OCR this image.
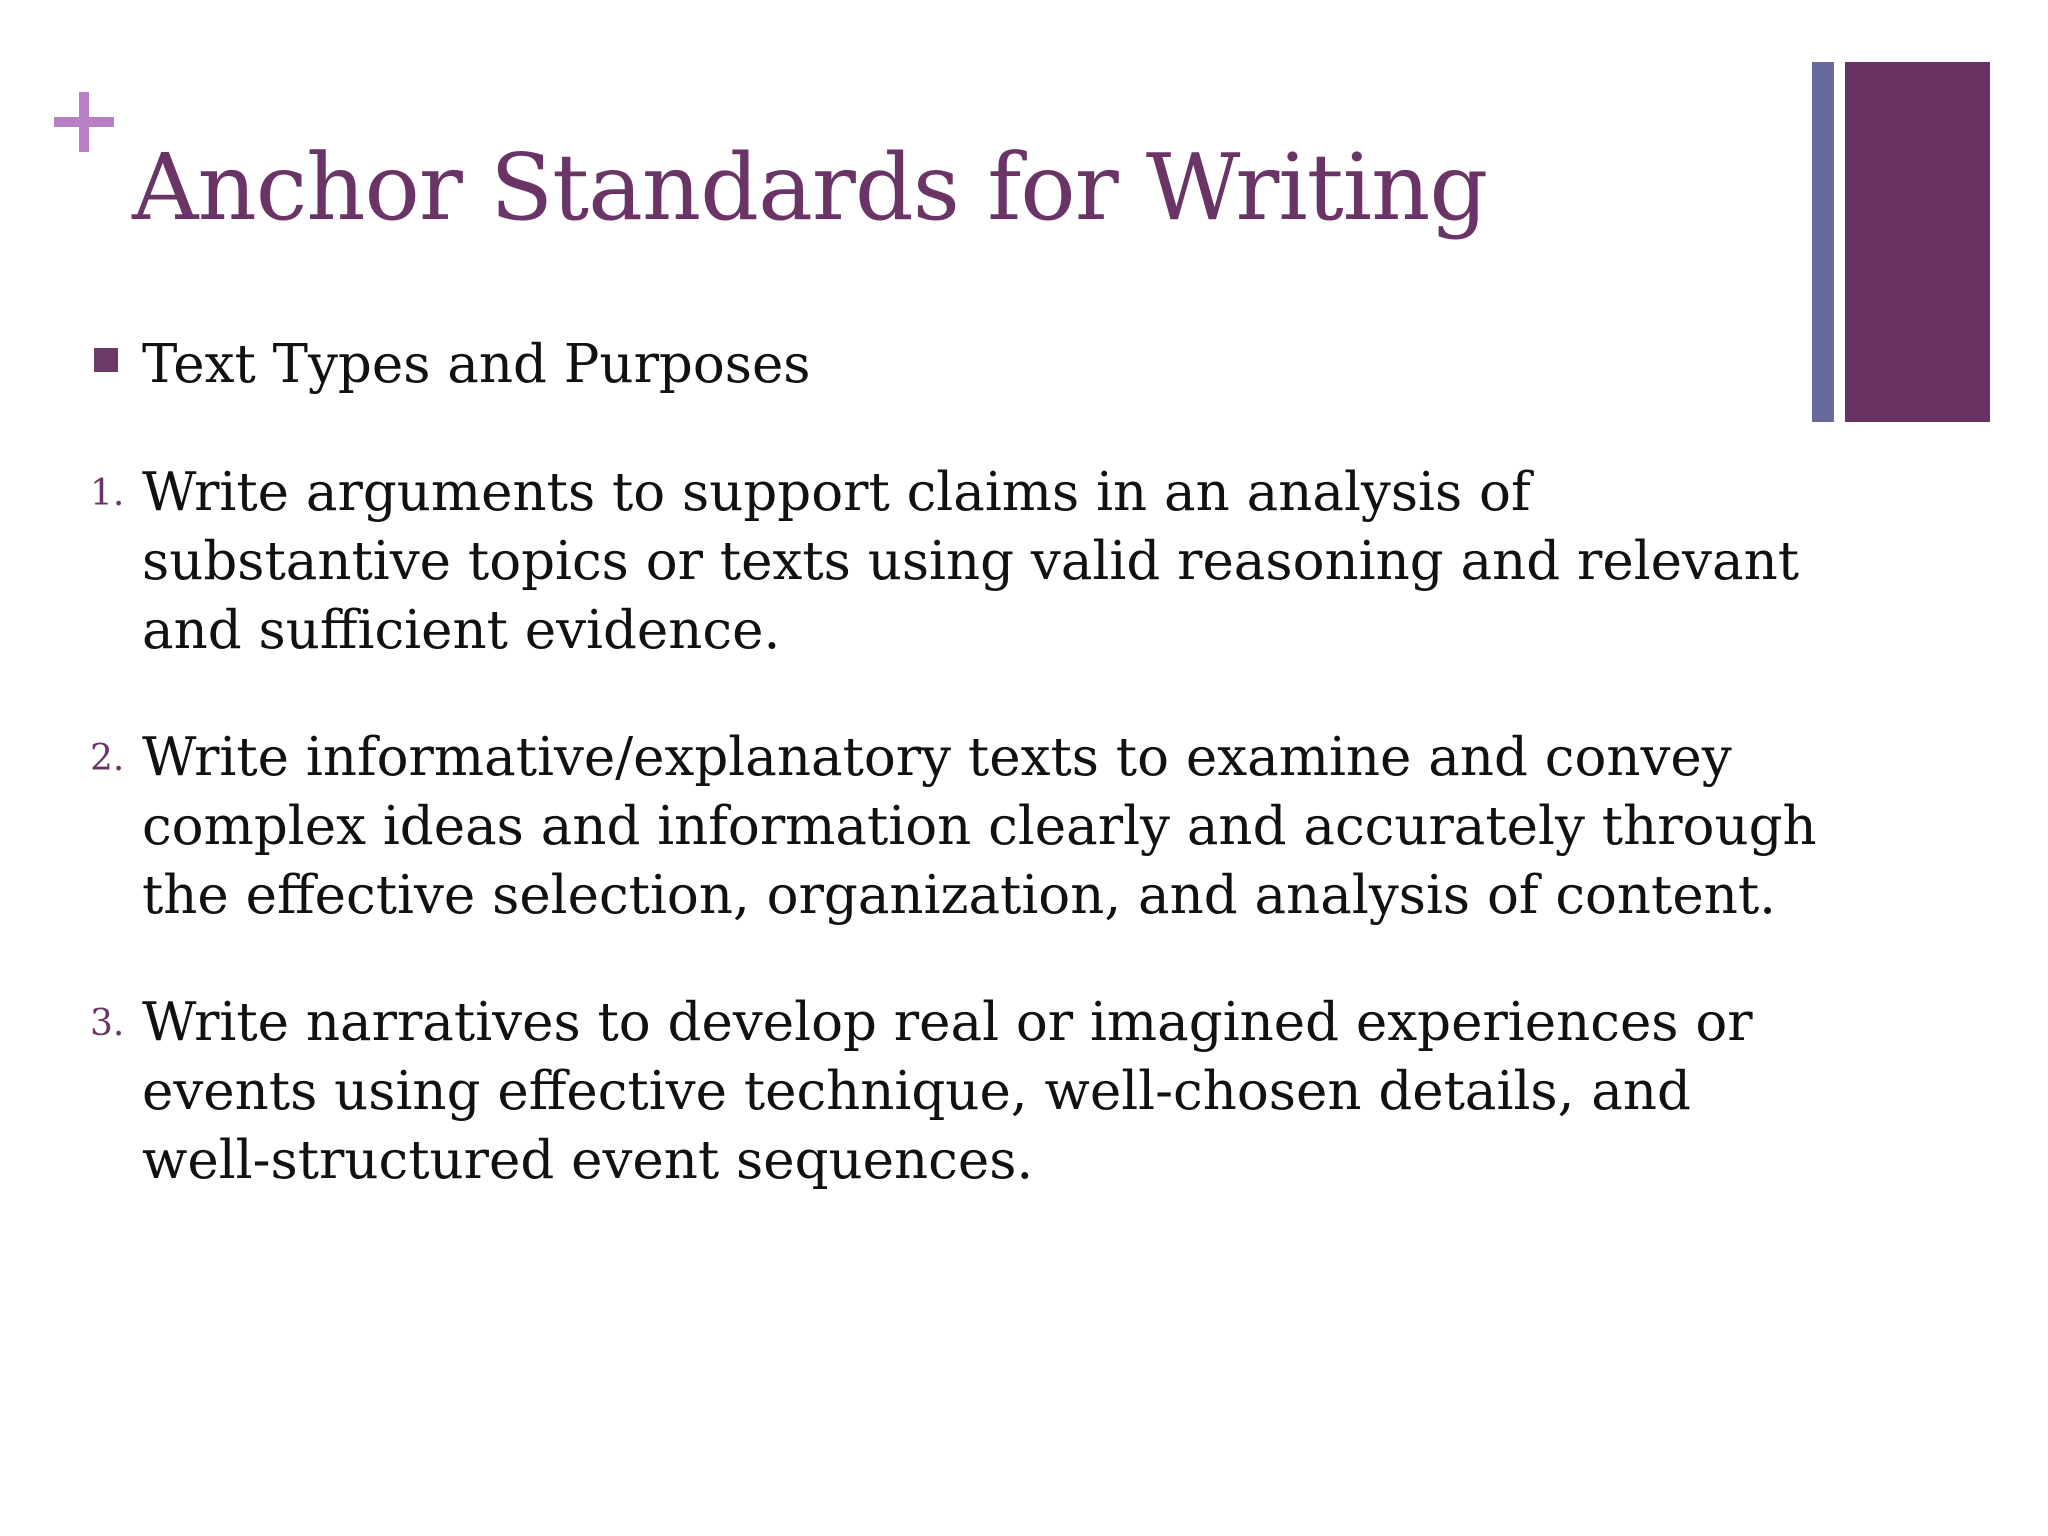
Anchor Standards for Writing
Text Types and Purposes
1. Write arguments to support claims in an analysis of substantive topics or texts using valid reasoning and relevant and sufficient evidence.
2. Write informative/explanatory texts to examine and convey complex ideas and information clearly and accurately through the effective selection, organization, and analysis of content.
3. Write narratives to develop real or imagined experiences or events using effective technique, well-chosen details, and well-structured event sequences.
